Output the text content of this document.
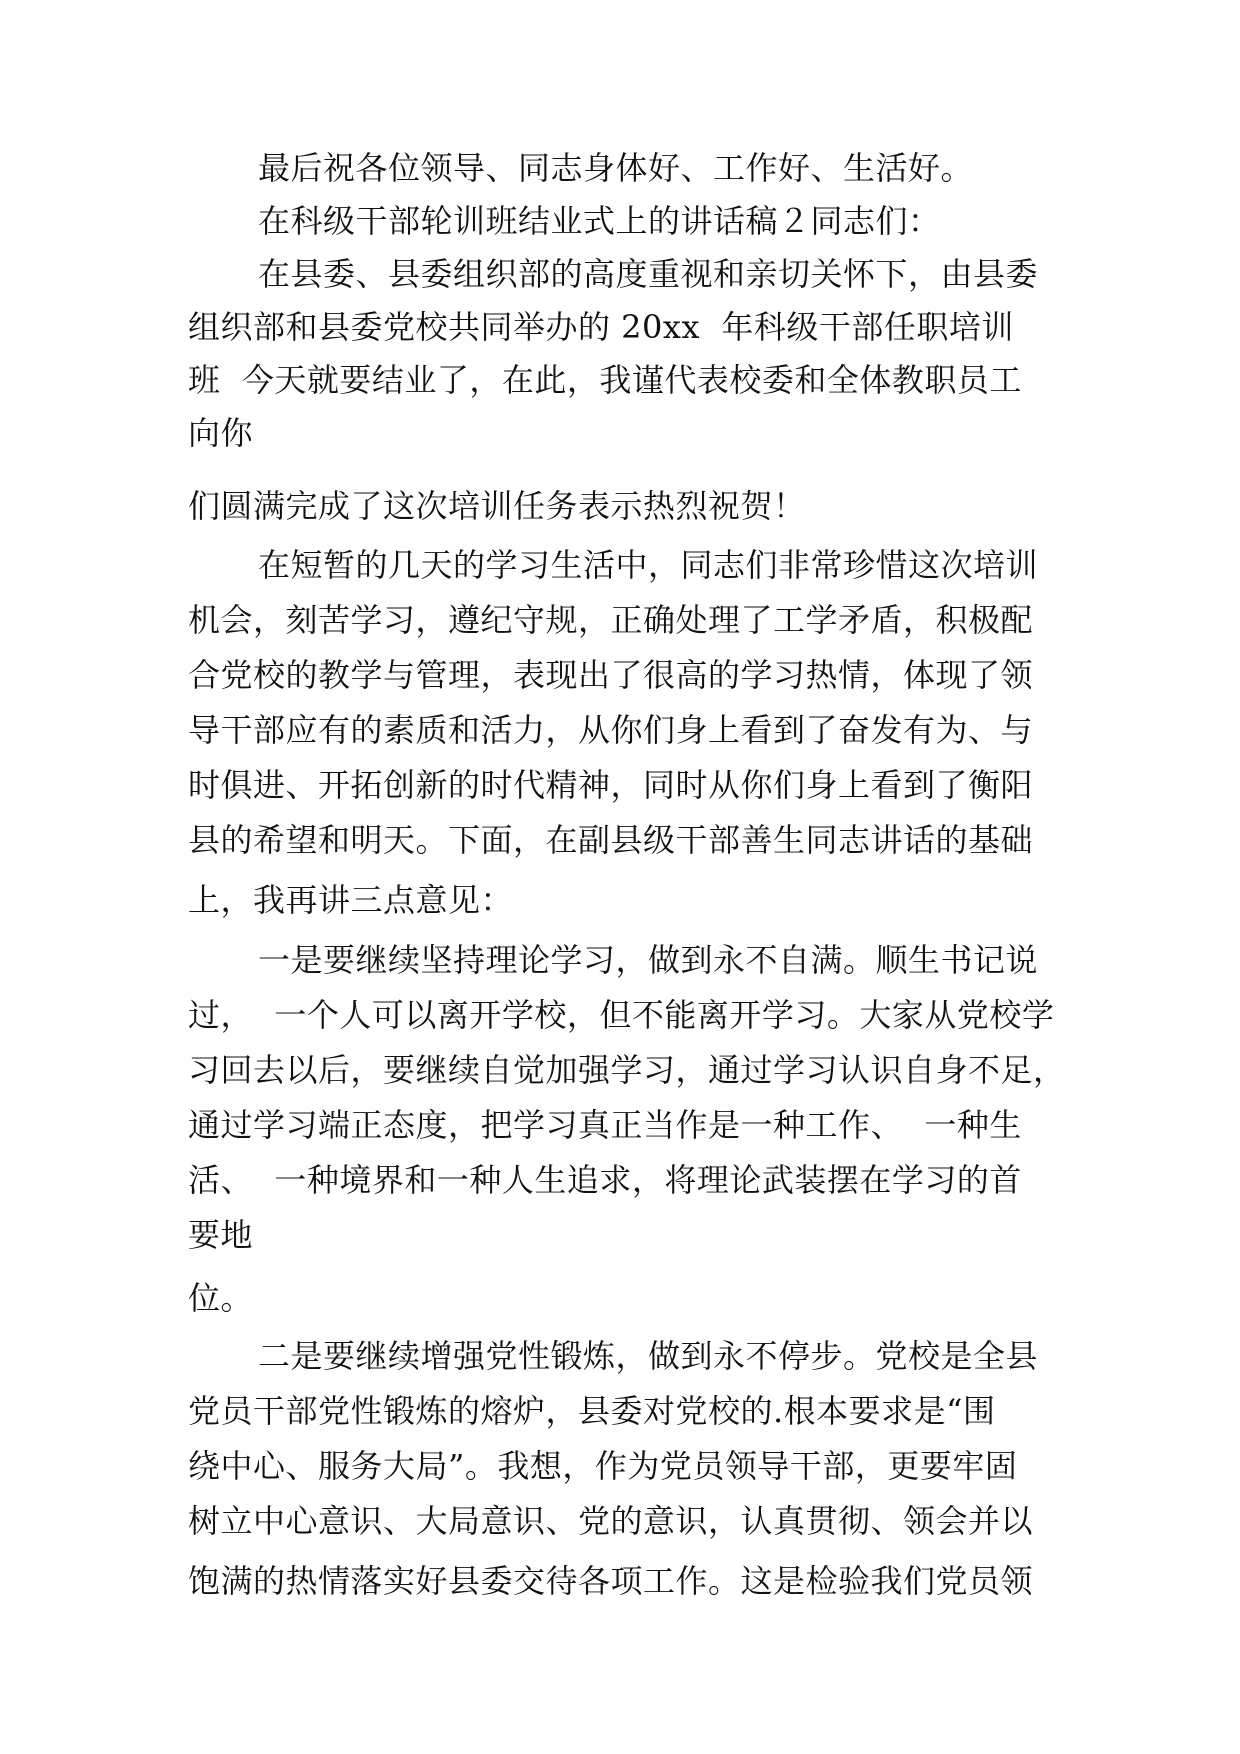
最后祝各位领导、同志身体好、工作好、生活好。
在科级干部轮训班结业式上的讲话稿２同志们：
在县委、县委组织部的高度重视和亲切关怀下，由县委
组织部和县委党校共同举办的 20xx  年科级干部任职培训
班  今天就要结业了，在此，我谨代表校委和全体教职员工
向你
们圆满完成了这次培训任务表示热烈祝贺！
在短暂的几天的学习生活中，同志们非常珍惜这次培训
机会，刻苦学习，遵纪守规，正确处理了工学矛盾，积极配
合党校的教学与管理，表现出了很高的学习热情，体现了领
导干部应有的素质和活力，从你们身上看到了奋发有为、与
时俱进、开拓创新的时代精神，同时从你们身上看到了衡阳
县的希望和明天。下面，在副县级干部善生同志讲话的基础
上，我再讲三点意见：
一是要继续坚持理论学习，做到永不自满。顺生书记说
过，  一个人可以离开学校，但不能离开学习。大家从党校学
习回去以后，要继续自觉加强学习，通过学习认识自身不足，
通过学习端正态度，把学习真正当作是一种工作、  一种生
活、  一种境界和一种人生追求，将理论武装摆在学习的首
要地
位。
二是要继续增强党性锻炼，做到永不停步。党校是全县
党员干部党性锻炼的熔炉，县委对党校的.根本要求是“围
绕中心、服务大局”。我想，作为党员领导干部，更要牢固
树立中心意识、大局意识、党的意识，认真贯彻、领会并以
饱满的热情落实好县委交待各项工作。这是检验我们党员领
